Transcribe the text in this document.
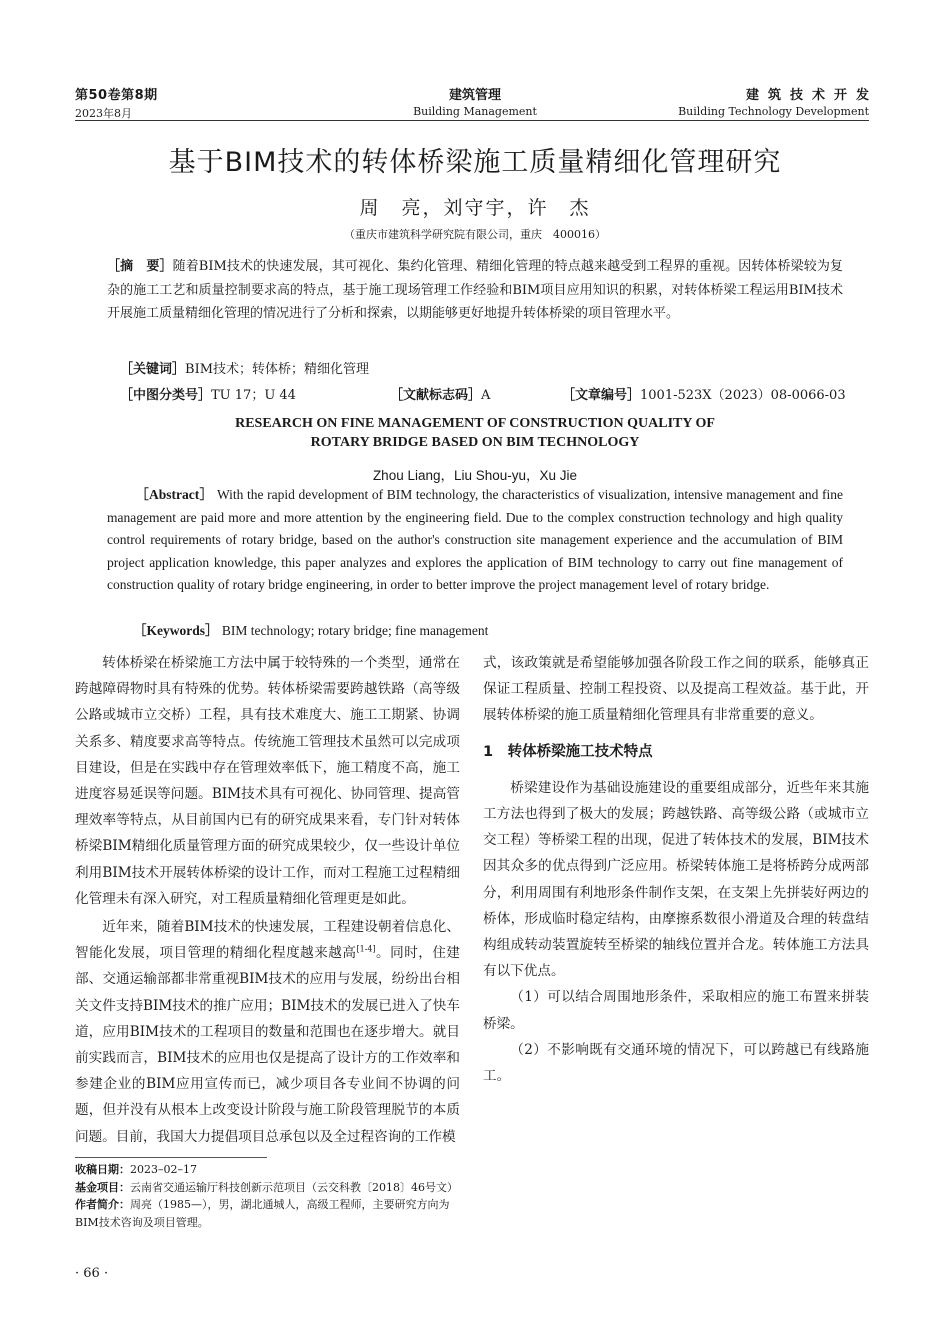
第50卷第8期
2023年8月
建筑管理
Building Management
建筑技术开发
Building Technology Development
基于BIM技术的转体桥梁施工质量精细化管理研究
周　亮，刘守宇，许　杰
（重庆市建筑科学研究院有限公司，重庆　400016）
［摘　要］随着BIM技术的快速发展，其可视化、集约化管理、精细化管理的特点越来越受到工程界的重视。因转体桥梁较为复杂的施工工艺和质量控制要求高的特点，基于施工现场管理工作经验和BIM项目应用知识的积累，对转体桥梁工程运用BIM技术开展施工质量精细化管理的情况进行了分析和探索，以期能够更好地提升转体桥梁的项目管理水平。
［关键词］BIM技术；转体桥；精细化管理
［中图分类号］TU 17；U 44	［文献标志码］A	［文章编号］1001-523X（2023）08-0066-03
RESEARCH ON FINE MANAGEMENT OF CONSTRUCTION QUALITY OF
ROTARY BRIDGE BASED ON BIM TECHNOLOGY
Zhou Liang，Liu Shou-yu，Xu Jie
［Abstract］ With the rapid development of BIM technology, the characteristics of visualization, intensive management and fine management are paid more and more attention by the engineering field. Due to the complex construction technology and high quality control requirements of rotary bridge, based on the author's construction site management experience and the accumulation of BIM project application knowledge, this paper analyzes and explores the application of BIM technology to carry out fine management of construction quality of rotary bridge engineering, in order to better improve the project management level of rotary bridge.
［Keywords］ BIM technology; rotary bridge; fine management

转体桥梁在桥梁施工方法中属于较特殊的一个类型，通常在跨越障碍物时具有特殊的优势。转体桥梁需要跨越铁路（高等级公路或城市立交桥）工程，具有技术难度大、施工工期紧、协调关系多、精度要求高等特点。传统施工管理技术虽然可以完成项目建设，但是在实践中存在管理效率低下，施工精度不高，施工进度容易延误等问题。BIM技术具有可视化、协同管理、提高管理效率等特点，从目前国内已有的研究成果来看，专门针对转体桥梁BIM精细化质量管理方面的研究成果较少，仅一些设计单位利用BIM技术开展转体桥梁的设计工作，而对工程施工过程精细化管理未有深入研究，对工程质量精细化管理更是如此。

近年来，随着BIM技术的快速发展，工程建设朝着信息化、智能化发展，项目管理的精细化程度越来越高[1-4]。同时，住建部、交通运输部都非常重视BIM技术的应用与发展，纷纷出台相关文件支持BIM技术的推广应用；BIM技术的发展已进入了快车道，应用BIM技术的工程项目的数量和范围也在逐步增大。就目前实践而言，BIM技术的应用也仅是提高了设计方的工作效率和参建企业的BIM应用宣传而已，减少项目各专业间不协调的问题，但并没有从根本上改变设计阶段与施工阶段管理脱节的本质问题。目前，我国大力提倡项目总承包以及全过程咨询的工作模

式，该政策就是希望能够加强各阶段工作之间的联系，能够真正保证工程质量、控制工程投资、以及提高工程效益。基于此，开展转体桥梁的施工质量精细化管理具有非常重要的意义。

1　转体桥梁施工技术特点

桥梁建设作为基础设施建设的重要组成部分，近些年来其施工方法也得到了极大的发展；跨越铁路、高等级公路（或城市立交工程）等桥梁工程的出现，促进了转体技术的发展，BIM技术因其众多的优点得到广泛应用。桥梁转体施工是将桥跨分成两部分，利用周围有利地形条件制作支架，在支架上先拼装好两边的桥体，形成临时稳定结构，由摩擦系数很小滑道及合理的转盘结构组成转动装置旋转至桥梁的轴线位置并合龙。转体施工方法具有以下优点。

（1）可以结合周围地形条件，采取相应的施工布置来拼装桥梁。

（2）不影响既有交通环境的情况下，可以跨越已有线路施工。

收稿日期：2023–02–17
基金项目：云南省交通运输厅科技创新示范项目（云交科教〔2018〕46号文）
作者简介：周亮（1985—），男，湖北通城人，高级工程师，主要研究方向为BIM技术咨询及项目管理。
· 66 ·
